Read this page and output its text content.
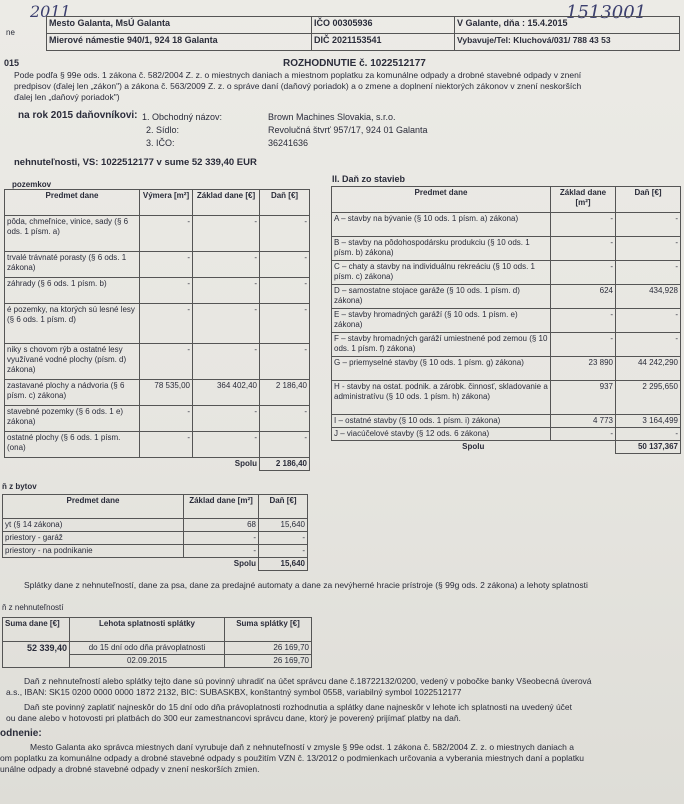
2011	1513001
ne
Mesto Galanta, MsÚ Galanta	IČO 00305936	V Galante, dňa : 15.4.2015
Mierové námestie 940/1, 924 18 Galanta	DIČ 2021153541	Vybavuje/Tel: Kluchová/031/ 788 43 53
015	ROZHODNUTIE č. 1022512177
Pode podľa § 99e ods. 1 zákona č. 582/2004 Z. z. o miestnych daniach a miestnom poplatku za komunálne odpady a drobné stavebné odpady v znení
predpisov (ďalej len „zákon") a zákona č. 563/2009 Z. z. o správe daní (daňový poriadok) a o zmene a doplnení niektorých zákonov v znení neskorších
ďalej len „daňový poriadok")
na rok 2015 daňovníkovi: 1. Obchodný názov:	Brown Machines Slovakia, s.r.o.
2. Sídlo:	Revolučná štvrť 957/17, 924 01 Galanta
3. IČO:	36241636
nehnuteľnosti, VS: 1022512177 v sume 52 339,40 EUR
pozemkov
Predmet dane	Výmera [m²]	Základ dane [€]	Daň [€]
pôda, chmeľnice, vinice, sady (§ 6 ods. 1 písm. a)	-	-	-
trvalé trávnaté porasty (§ 6 ods. 1 zákona)	-	-	-
záhrady (§ 6 ods. 1 písm. b)	-	-	-
é pozemky, na ktorých sú lesné lesy (§ 6 ods. 1 písm. d)	-	-	-
niky s chovom rýb a ostatné lesy využívané vodné plochy (písm. d) zákona)	-	-	-
zastavané plochy a nádvoria (§ 6 písm. c) zákona)	78 535,00	364 402,40	2 186,40
stavebné pozemky (§ 6 ods. 1 e) zákona)	-	-	-
ostatné plochy (§ 6 ods. 1 písm. (ona)	-	-	-
Spolu			2 186,40
II. Daň zo stavieb
Predmet dane	Základ dane [m²]	Daň [€]
A – stavby na bývanie (§ 10 ods. 1 písm. a) zákona)	-	-
B – stavby na pôdohospodársku produkciu (§ 10 ods. 1 písm. b) zákona)	-	-
C – chaty a stavby na individuálnu rekreáciu (§ 10 ods. 1 písm. c) zákona)	-	-
D – samostatne stojace garáže (§ 10 ods. 1 písm. d) zákona)	624	434,928
E – stavby hromadných garáží (§ 10 ods. 1 písm. e) zákona)	-	-
F – stavby hromadných garáží umiestnené pod zemou (§ 10 ods. 1 písm. f) zákona)	-	-
G – priemyselné stavby (§ 10 ods. 1 písm. g) zákona)	23 890	44 242,290
H - stavby na ostat. podnik. a zárobk. činnosť, skladovanie a administratívu (§ 10 ods. 1 písm. h) zákona)	937	2 295,650
I – ostatné stavby (§ 10 ods. 1 písm. i) zákona)	4 773	3 164,499
J – viacúčelové stavby (§ 12 ods. 6 zákona)	-	-
Spolu		50 137,367
ň z bytov
Predmet dane	Základ dane [m²]	Daň [€]
yt (§ 14 zákona)	68	15,640
priestory - garáž	-	-
priestory - na podnikanie	-	-
Spolu		15,640
Splátky dane z nehnuteľností, dane za psa, dane za predajné automaty a dane za nevýherné hracie prístroje (§ 99g ods. 2 zákona) a lehoty splatnosti
ň z nehnuteľností
Suma dane [€]	Lehota splatnosti splátky	Suma splátky [€]
52 339,40	do 15 dní odo dňa právoplatnosti	26 169,70
	02.09.2015	26 169,70
Daň z nehnuteľností alebo splátky tejto dane sú povinný uhradiť na účet správcu dane č.18722132/0200, vedený v pobočke banky Všeobecná úverová
a.s., IBAN: SK15 0200 0000 0000 1872 2132, BIC: SUBASKBX, konštantný symbol 0558, variabilný symbol 1022512177
Daň ste povinný zaplatiť najneskôr do 15 dní odo dňa právoplatnosti rozhodnutia a splátky dane najneskôr v lehote ich splatnosti na uvedený účet
ou dane alebo v hotovosti pri platbách do 300 eur zamestnancovi správcu dane, ktorý je poverený prijímať platby na daň.
odnenie:
Mesto Galanta ako správca miestnych daní vyrubuje daň z nehnuteľností v zmysle § 99e odst. 1 zákona č. 582/2004 Z. z. o miestnych daniach a
om poplatku za komunálne odpady a drobné stavebné odpady s použitím VZN č. 13/2012 o podmienkach určovania a vyberania miestnych daní a poplatku
unálne odpady a drobné stavebné odpady v znení neskorších zmien.
